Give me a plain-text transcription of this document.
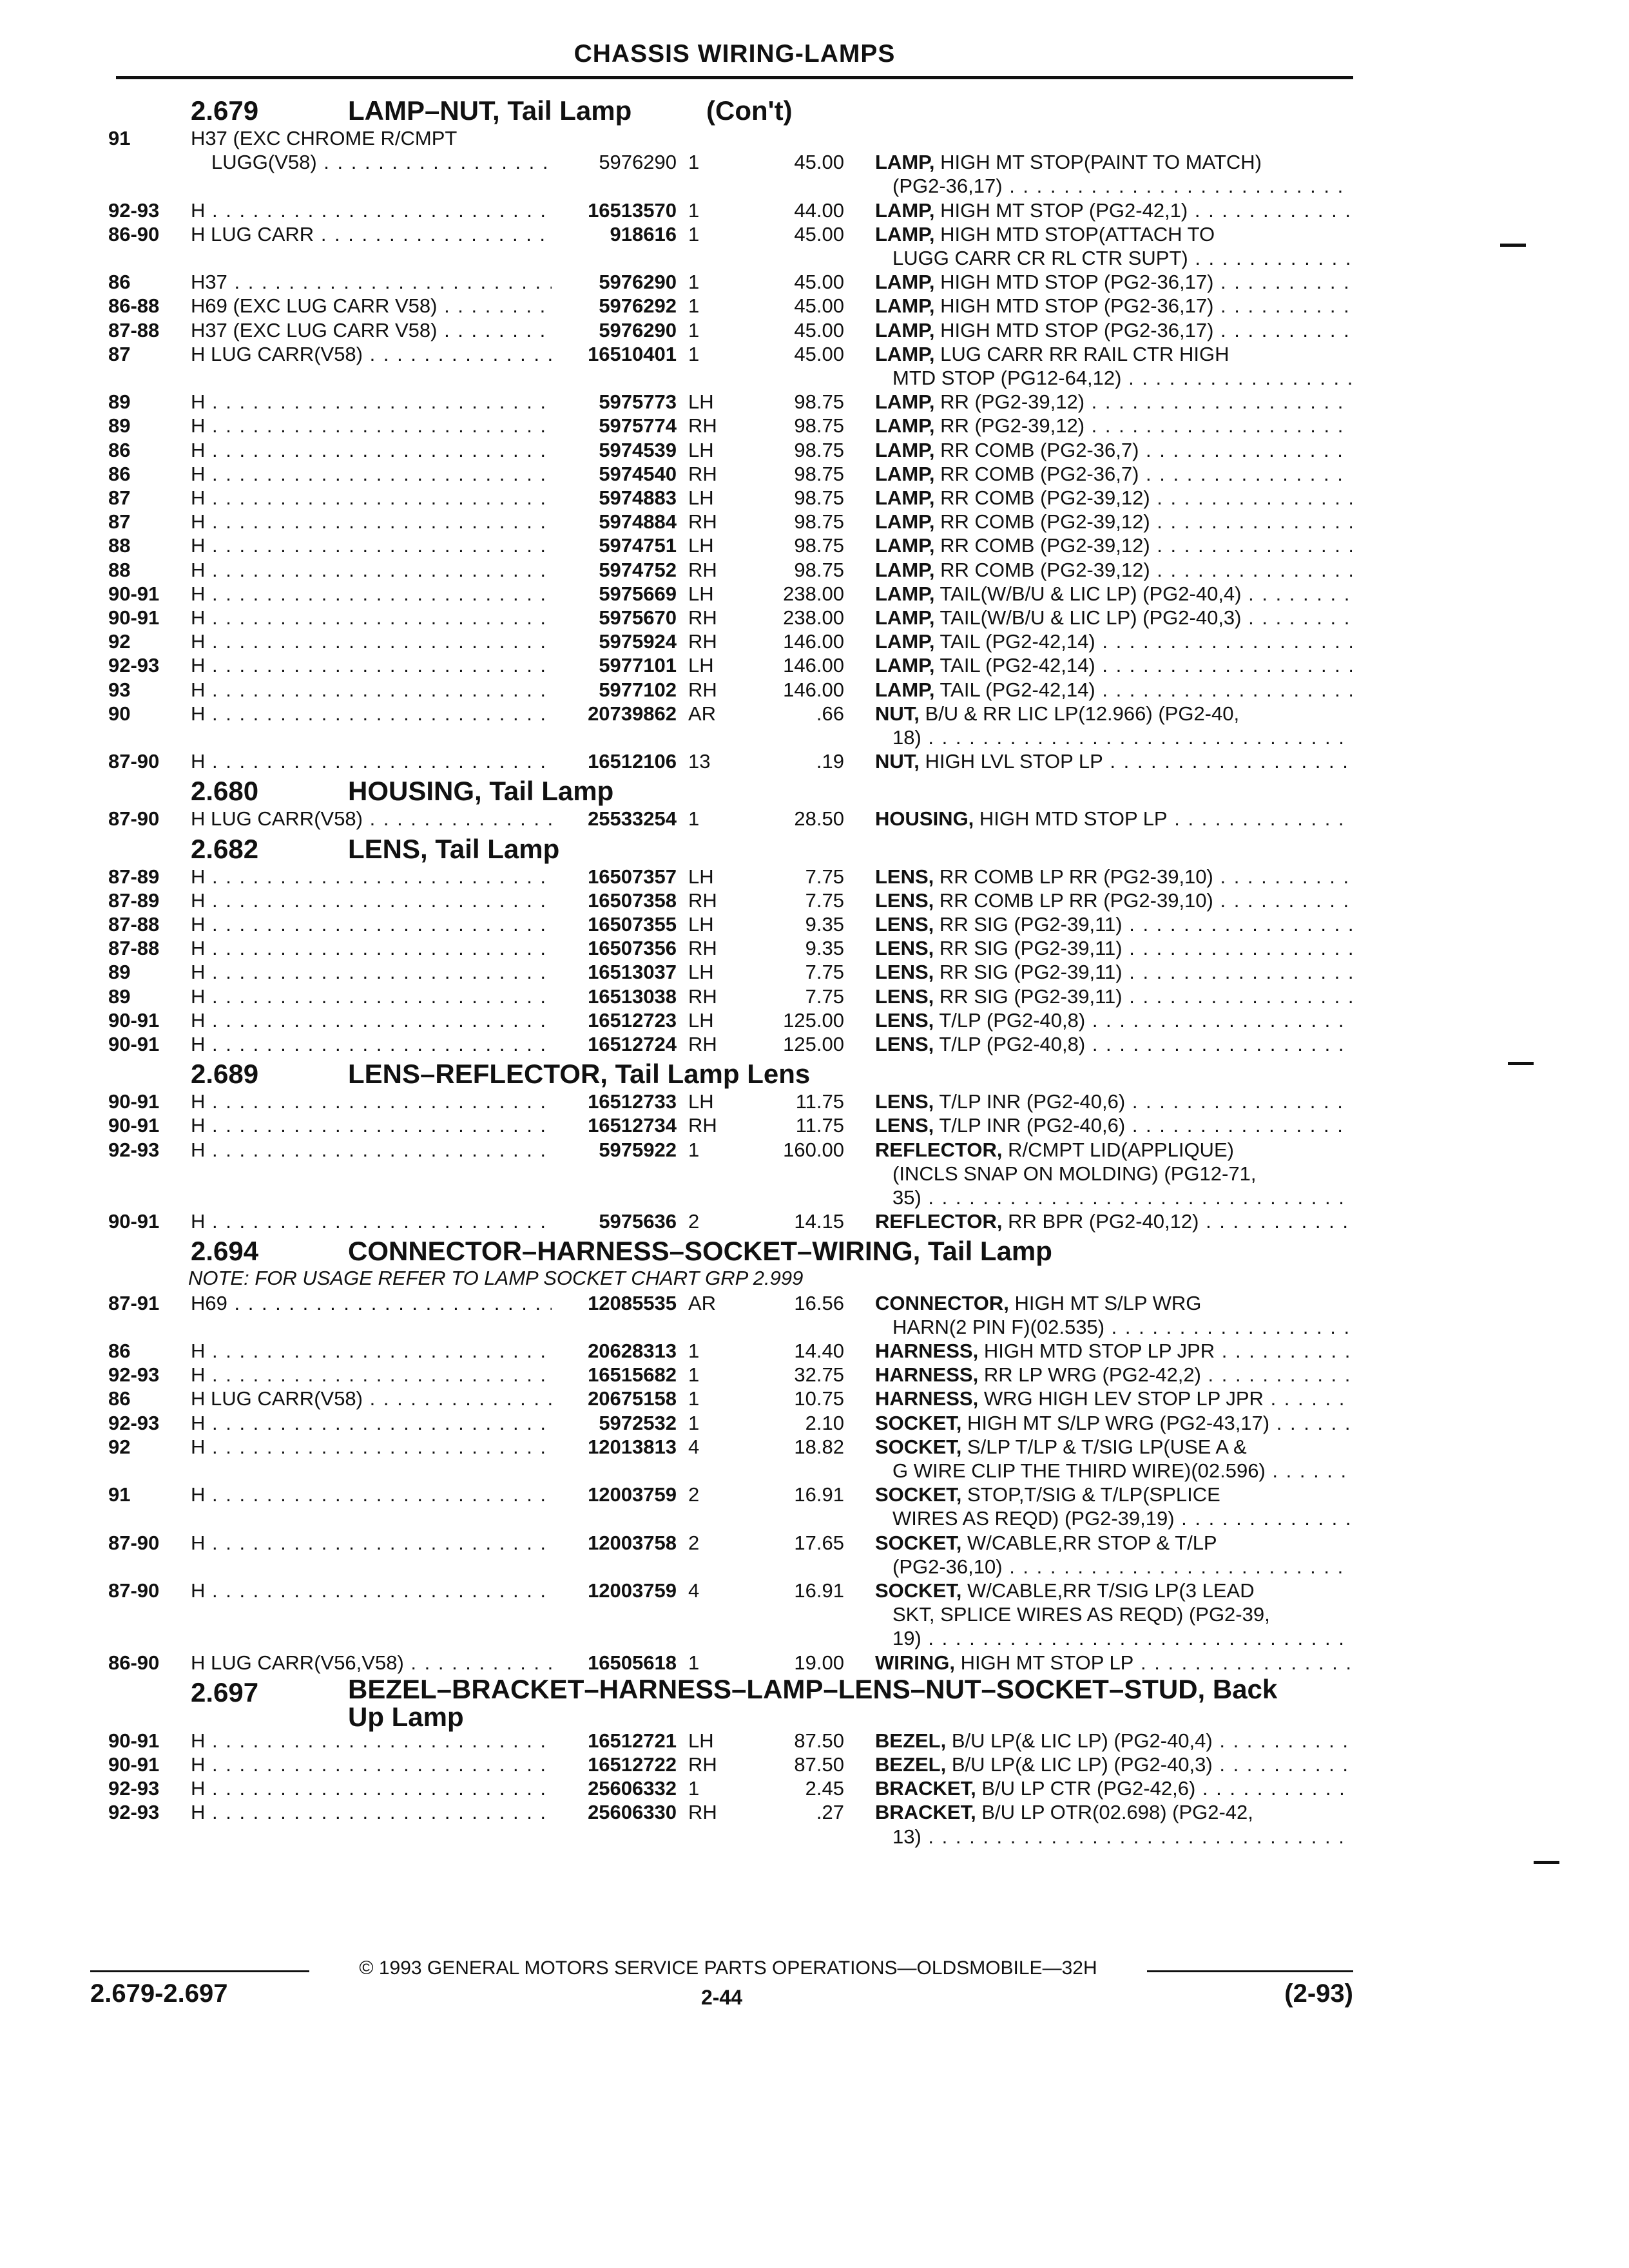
CHASSIS WIRING-LAMPS
2.679	LAMP–NUT, Tail Lamp	(Con't)
91	H37 (EXC CHROME R/CMPT
LUGG(V58) . . .	5976290 1	45.00 LAMP, HIGH MT STOP(PAINT TO MATCH)
(PG2-36,17) . . .
92-93	H . . .	16513570 1	44.00 LAMP, HIGH MT STOP (PG2-42,1) . . .
86-90	H LUG CARR . . .	918616 1	45.00 LAMP, HIGH MTD STOP(ATTACH TO
LUGG CARR CR RL CTR SUPT) . . .
86	H37 . . .	5976290 1	45.00 LAMP, HIGH MTD STOP (PG2-36,17) . . .
86-88	H69 (EXC LUG CARR V58) . . .	5976292 1	45.00 LAMP, HIGH MTD STOP (PG2-36,17) . . .
87-88	H37 (EXC LUG CARR V58) . . .	5976290 1	45.00 LAMP, HIGH MTD STOP (PG2-36,17) . . .
87	H LUG CARR(V58) . . .	16510401 1	45.00 LAMP, LUG CARR RR RAIL CTR HIGH
MTD STOP (PG12-64,12) . . .
89	H . . .	5975773 LH	98.75 LAMP, RR (PG2-39,12) . . .
89	H . . .	5975774 RH	98.75 LAMP, RR (PG2-39,12) . . .
86	H . . .	5974539 LH	98.75 LAMP, RR COMB (PG2-36,7) . . .
86	H . . .	5974540 RH	98.75 LAMP, RR COMB (PG2-36,7) . . .
87	H . . .	5974883 LH	98.75 LAMP, RR COMB (PG2-39,12) . . .
87	H . . .	5974884 RH	98.75 LAMP, RR COMB (PG2-39,12) . . .
88	H . . .	5974751 LH	98.75 LAMP, RR COMB (PG2-39,12) . . .
88	H . . .	5974752 RH	98.75 LAMP, RR COMB (PG2-39,12) . . .
90-91	H . . .	5975669 LH	238.00 LAMP, TAIL(W/B/U & LIC LP) (PG2-40,4) . . .
90-91	H . . .	5975670 RH	238.00 LAMP, TAIL(W/B/U & LIC LP) (PG2-40,3) . . .
92	H . . .	5975924 RH	146.00 LAMP, TAIL (PG2-42,14) . . .
92-93	H . . .	5977101 LH	146.00 LAMP, TAIL (PG2-42,14) . . .
93	H . . .	5977102 RH	146.00 LAMP, TAIL (PG2-42,14) . . .
90	H . . .	20739862 AR	.66 NUT, B/U & RR LIC LP(12.966) (PG2-40,
18) . . .
87-90	H . . .	16512106 13	.19 NUT, HIGH LVL STOP LP . . .
2.680	HOUSING, Tail Lamp
87-90	H LUG CARR(V58) . . .	25533254 1	28.50 HOUSING, HIGH MTD STOP LP . . .
2.682	LENS, Tail Lamp
87-89	H . . .	16507357 LH	7.75 LENS, RR COMB LP RR (PG2-39,10) . . .
87-89	H . . .	16507358 RH	7.75 LENS, RR COMB LP RR (PG2-39,10) . . .
87-88	H . . .	16507355 LH	9.35 LENS, RR SIG (PG2-39,11) . . .
87-88	H . . .	16507356 RH	9.35 LENS, RR SIG (PG2-39,11) . . .
89	H . . .	16513037 LH	7.75 LENS, RR SIG (PG2-39,11) . . .
89	H . . .	16513038 RH	7.75 LENS, RR SIG (PG2-39,11) . . .
90-91	H . . .	16512723 LH	125.00 LENS, T/LP (PG2-40,8) . . .
90-91	H . . .	16512724 RH	125.00 LENS, T/LP (PG2-40,8) . . .
2.689	LENS–REFLECTOR, Tail Lamp Lens
90-91	H . . .	16512733 LH	11.75 LENS, T/LP INR (PG2-40,6) . . .
90-91	H . . .	16512734 RH	11.75 LENS, T/LP INR (PG2-40,6) . . .
92-93	H . . .	5975922 1	160.00 REFLECTOR, R/CMPT LID(APPLIQUE)
(INCLS SNAP ON MOLDING) (PG12-71,
35) . . .
90-91	H . . .	5975636 2	14.15 REFLECTOR, RR BPR (PG2-40,12) . . .
2.694	CONNECTOR–HARNESS–SOCKET–WIRING, Tail Lamp
NOTE: FOR USAGE REFER TO LAMP SOCKET CHART GRP 2.999
87-91	H69 . . .	12085535 AR	16.56 CONNECTOR, HIGH MT S/LP WRG
HARN(2 PIN F)(02.535) . . .
86	H . . .	20628313 1	14.40 HARNESS, HIGH MTD STOP LP JPR . . .
92-93	H . . .	16515682 1	32.75 HARNESS, RR LP WRG (PG2-42,2) . . .
86	H LUG CARR(V58) . . .	20675158 1	10.75 HARNESS, WRG HIGH LEV STOP LP JPR . . .
92-93	H . . .	5972532 1	2.10 SOCKET, HIGH MT S/LP WRG (PG2-43,17) . . .
92	H . . .	12013813 4	18.82 SOCKET, S/LP T/LP & T/SIG LP(USE A &
G WIRE CLIP THE THIRD WIRE)(02.596) . . .
91	H . . .	12003759 2	16.91 SOCKET, STOP,T/SIG & T/LP(SPLICE
WIRES AS REQD) (PG2-39,19) . . .
87-90	H . . .	12003758 2	17.65 SOCKET, W/CABLE,RR STOP & T/LP
(PG2-36,10) . . .
87-90	H . . .	12003759 4	16.91 SOCKET, W/CABLE,RR T/SIG LP(3 LEAD
SKT, SPLICE WIRES AS REQD) (PG2-39,
19) . . .
86-90	H LUG CARR(V56,V58) . . .	16505618 1	19.00 WIRING, HIGH MT STOP LP . . .
2.697	BEZEL–BRACKET–HARNESS–LAMP–LENS–NUT–SOCKET–STUD, Back
Up Lamp
90-91	H . . .	16512721 LH	87.50 BEZEL, B/U LP(& LIC LP) (PG2-40,4) . . .
90-91	H . . .	16512722 RH	87.50 BEZEL, B/U LP(& LIC LP) (PG2-40,3) . . .
92-93	H . . .	25606332 1	2.45 BRACKET, B/U LP CTR (PG2-42,6) . . .
92-93	H . . .	25606330 RH	.27 BRACKET, B/U LP OTR(02.698) (PG2-42,
13) . . .
© 1993 GENERAL MOTORS SERVICE PARTS OPERATIONS—OLDSMOBILE—32H
2.679-2.697	2-44	(2-93)
